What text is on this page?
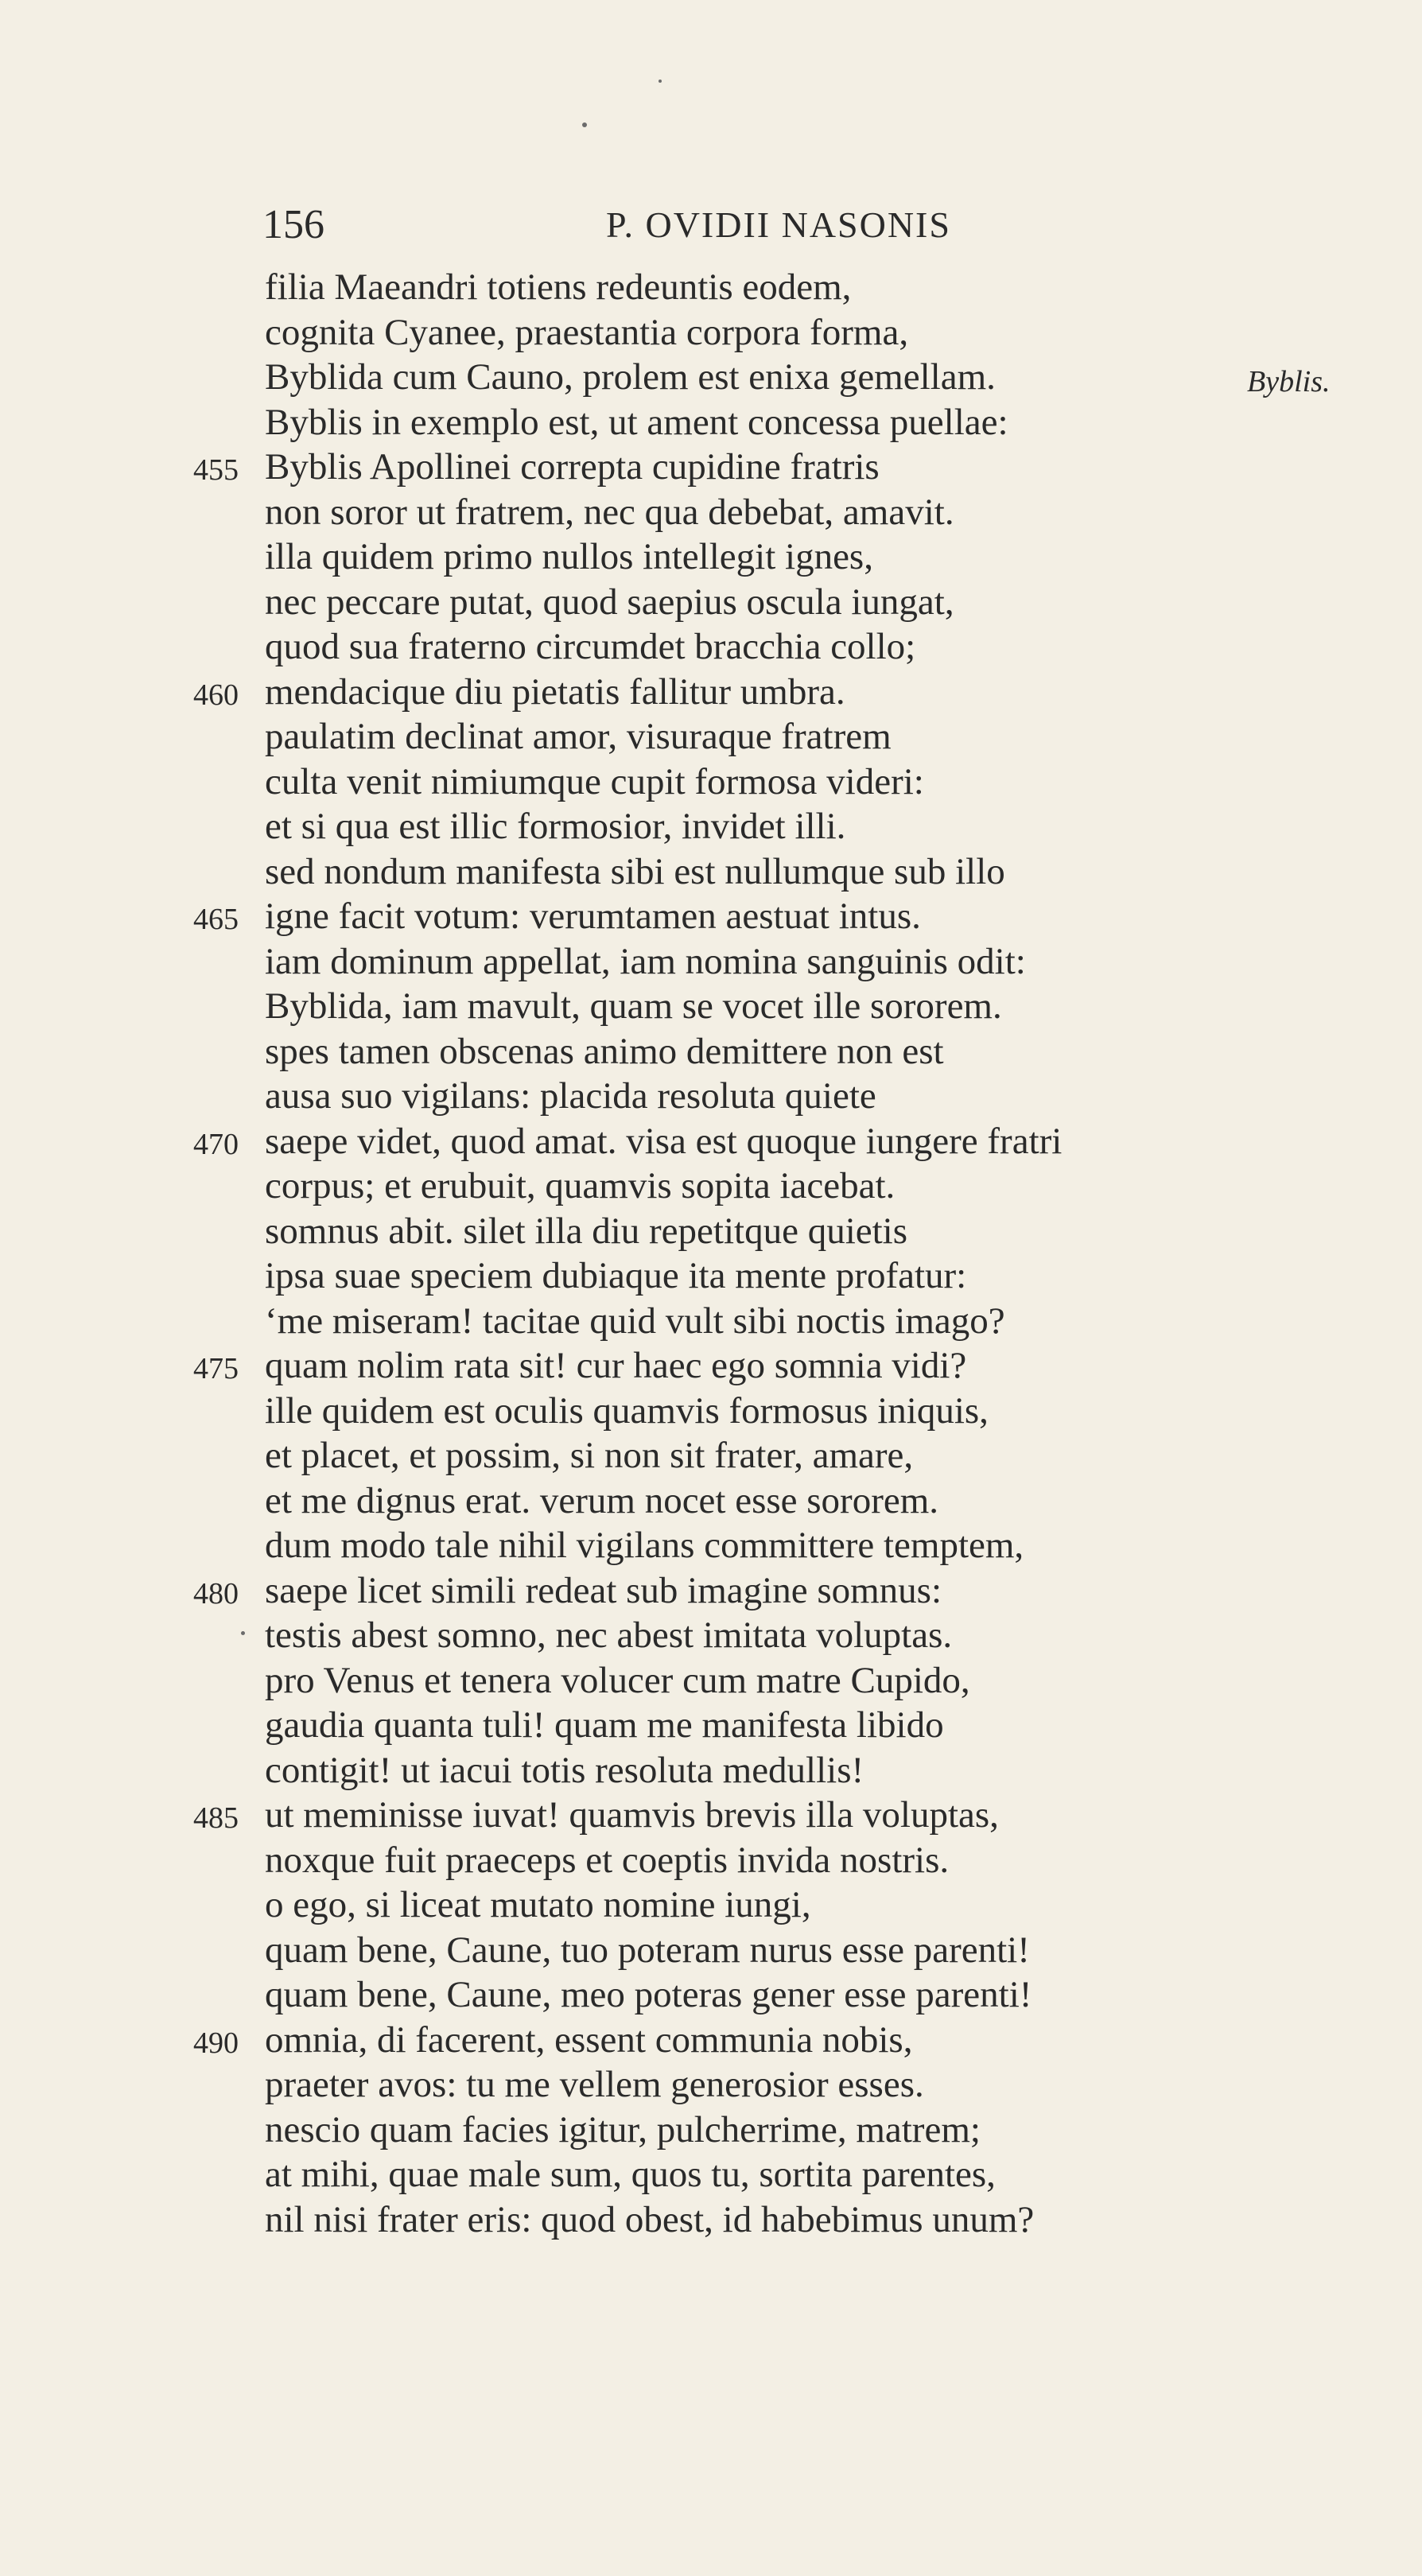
156	P. OVIDII NASONIS
filia Maeandri totiens redeuntis eodem,
cognita Cyanee, praestantia corpora forma,
Byblida cum Cauno, prolem est enixa gemellam.	Byblis.
Byblis in exemplo est, ut ament concessa puellae:
455 Byblis Apollinei correpta cupidine fratris
non soror ut fratrem, nec qua debebat, amavit.
illa quidem primo nullos intellegit ignes,
nec peccare putat, quod saepius oscula iungat,
quod sua fraterno circumdet bracchia collo;
460 mendacique diu pietatis fallitur umbra.
paulatim declinat amor, visuraque fratrem
culta venit nimiumque cupit formosa videri:
et si qua est illic formosior, invidet illi.
sed nondum manifesta sibi est nullumque sub illo
465 igne facit votum: verumtamen aestuat intus.
iam dominum appellat, iam nomina sanguinis odit:
Byblida, iam mavult, quam se vocet ille sororem.
spes tamen obscenas animo demittere non est
ausa suo vigilans: placida resoluta quiete
470 saepe videt, quod amat. visa est quoque iungere fratri
corpus; et erubuit, quamvis sopita iacebat.
somnus abit. silet illa diu repetitque quietis
ipsa suae speciem dubiaque ita mente profatur:
‘me miseram! tacitae quid vult sibi noctis imago?
475 quam nolim rata sit! cur haec ego somnia vidi?
ille quidem est oculis quamvis formosus iniquis,
et placet, et possim, si non sit frater, amare,
et me dignus erat. verum nocet esse sororem.
dum modo tale nihil vigilans committere temptem,
480 saepe licet simili redeat sub imagine somnus:
testis abest somno, nec abest imitata voluptas.
pro Venus et tenera volucer cum matre Cupido,
gaudia quanta tuli! quam me manifesta libido
contigit! ut iacui totis resoluta medullis!
485 ut meminisse iuvat! quamvis brevis illa voluptas,
noxque fuit praeceps et coeptis invida nostris.
o ego, si liceat mutato nomine iungi,
quam bene, Caune, tuo poteram nurus esse parenti!
quam bene, Caune, meo poteras gener esse parenti!
490 omnia, di facerent, essent communia nobis,
praeter avos: tu me vellem generosior esses.
nescio quam facies igitur, pulcherrime, matrem;
at mihi, quae male sum, quos tu, sortita parentes,
nil nisi frater eris: quod obest, id habebimus unum?
